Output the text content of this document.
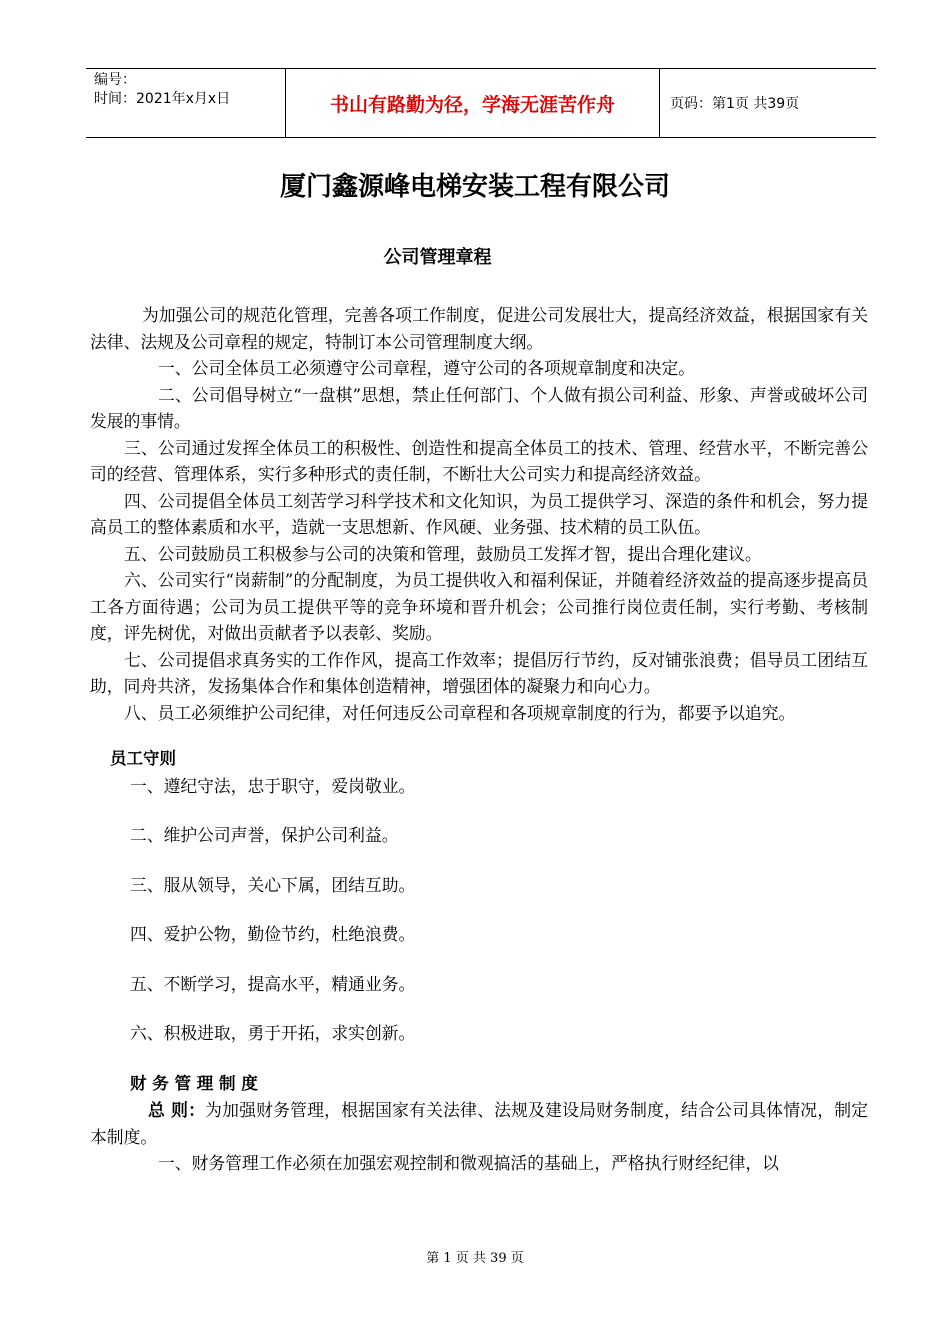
编号：
时间：2021年x月x日	书山有路勤为径，学海无涯苦作舟	页码：第1页 共39页
厦门鑫源峰电梯安装工程有限公司
公司管理章程

为加强公司的规范化管理，完善各项工作制度，促进公司发展壮大，提高经济效益，根据国家有关法律、法规及公司章程的规定，特制订本公司管理制度大纲。

一、公司全体员工必须遵守公司章程，遵守公司的各项规章制度和决定。

二、公司倡导树立“一盘棋”思想，禁止任何部门、个人做有损公司利益、形象、声誉或破坏公司发展的事情。

三、公司通过发挥全体员工的积极性、创造性和提高全体员工的技术、管理、经营水平，不断完善公司的经营、管理体系，实行多种形式的责任制，不断壮大公司实力和提高经济效益。

四、公司提倡全体员工刻苦学习科学技术和文化知识，为员工提供学习、深造的条件和机会，努力提高员工的整体素质和水平，造就一支思想新、作风硬、业务强、技术精的员工队伍。

五、公司鼓励员工积极参与公司的决策和管理，鼓励员工发挥才智，提出合理化建议。

六、公司实行“岗薪制”的分配制度，为员工提供收入和福利保证，并随着经济效益的提高逐步提高员工各方面待遇；公司为员工提供平等的竞争环境和晋升机会；公司推行岗位责任制，实行考勤、考核制度，评先树优，对做出贡献者予以表彰、奖励。

七、公司提倡求真务实的工作作风，提高工作效率；提倡厉行节约，反对铺张浪费；倡导员工团结互助，同舟共济，发扬集体合作和集体创造精神，增强团体的凝聚力和向心力。

八、员工必须维护公司纪律，对任何违反公司章程和各项规章制度的行为，都要予以追究。

员工守则

一、遵纪守法，忠于职守，爱岗敬业。

二、维护公司声誉，保护公司利益。

三、服从领导，关心下属，团结互助。

四、爱护公物，勤俭节约，杜绝浪费。

五、不断学习，提高水平，精通业务。

六、积极进取，勇于开拓，求实创新。

财 务 管 理 制 度

总 则：为加强财务管理，根据国家有关法律、法规及建设局财务制度，结合公司具体情况，制定本制度。

一、财务管理工作必须在加强宏观控制和微观搞活的基础上，严格执行财经纪律，以

第 1 页 共 39 页
